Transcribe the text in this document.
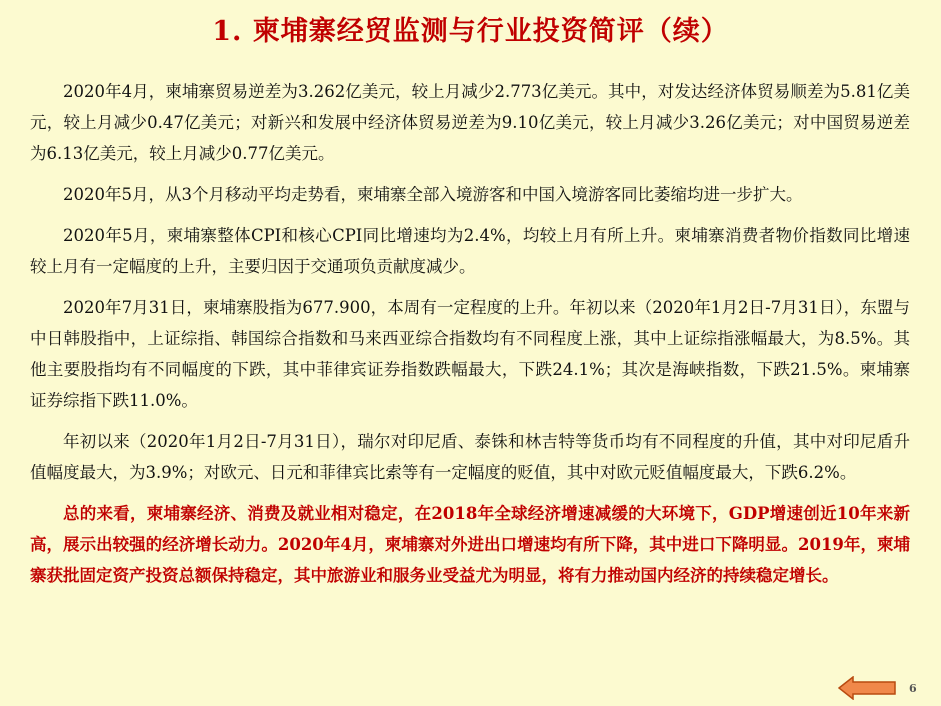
1. 柬埔寨经贸监测与行业投资简评（续）

2020年4月，柬埔寨贸易逆差为3.262亿美元，较上月减少2.773亿美元。其中，对发达经济体贸易顺差为5.81亿美元，较上月减少0.47亿美元；对新兴和发展中经济体贸易逆差为9.10亿美元，较上月减少3.26亿美元；对中国贸易逆差为6.13亿美元，较上月减少0.77亿美元。

2020年5月，从3个月移动平均走势看，柬埔寨全部入境游客和中国入境游客同比萎缩均进一步扩大。

2020年5月，柬埔寨整体CPI和核心CPI同比增速均为2.4%，均较上月有所上升。柬埔寨消费者物价指数同比增速较上月有一定幅度的上升，主要归因于交通项负贡献度减少。

2020年7月31日，柬埔寨股指为677.900，本周有一定程度的上升。年初以来（2020年1月2日-7月31日），东盟与中日韩股指中，上证综指、韩国综合指数和马来西亚综合指数均有不同程度上涨，其中上证综指涨幅最大，为8.5%。其他主要股指均有不同幅度的下跌，其中菲律宾证券指数跌幅最大，下跌24.1%；其次是海峡指数，下跌21.5%。柬埔寨证券综指下跌11.0%。

年初以来（2020年1月2日-7月31日），瑞尔对印尼盾、泰铢和林吉特等货币均有不同程度的升值，其中对印尼盾升值幅度最大，为3.9%；对欧元、日元和菲律宾比索等有一定幅度的贬值，其中对欧元贬值幅度最大，下跌6.2%。

总的来看，柬埔寨经济、消费及就业相对稳定，在2018年全球经济增速减缓的大环境下，GDP增速创近10年来新高，展示出较强的经济增长动力。2020年4月，柬埔寨对外进出口增速均有所下降，其中进口下降明显。2019年，柬埔寨获批固定资产投资总额保持稳定，其中旅游业和服务业受益尤为明显，将有力推动国内经济的持续稳定增长。

6
